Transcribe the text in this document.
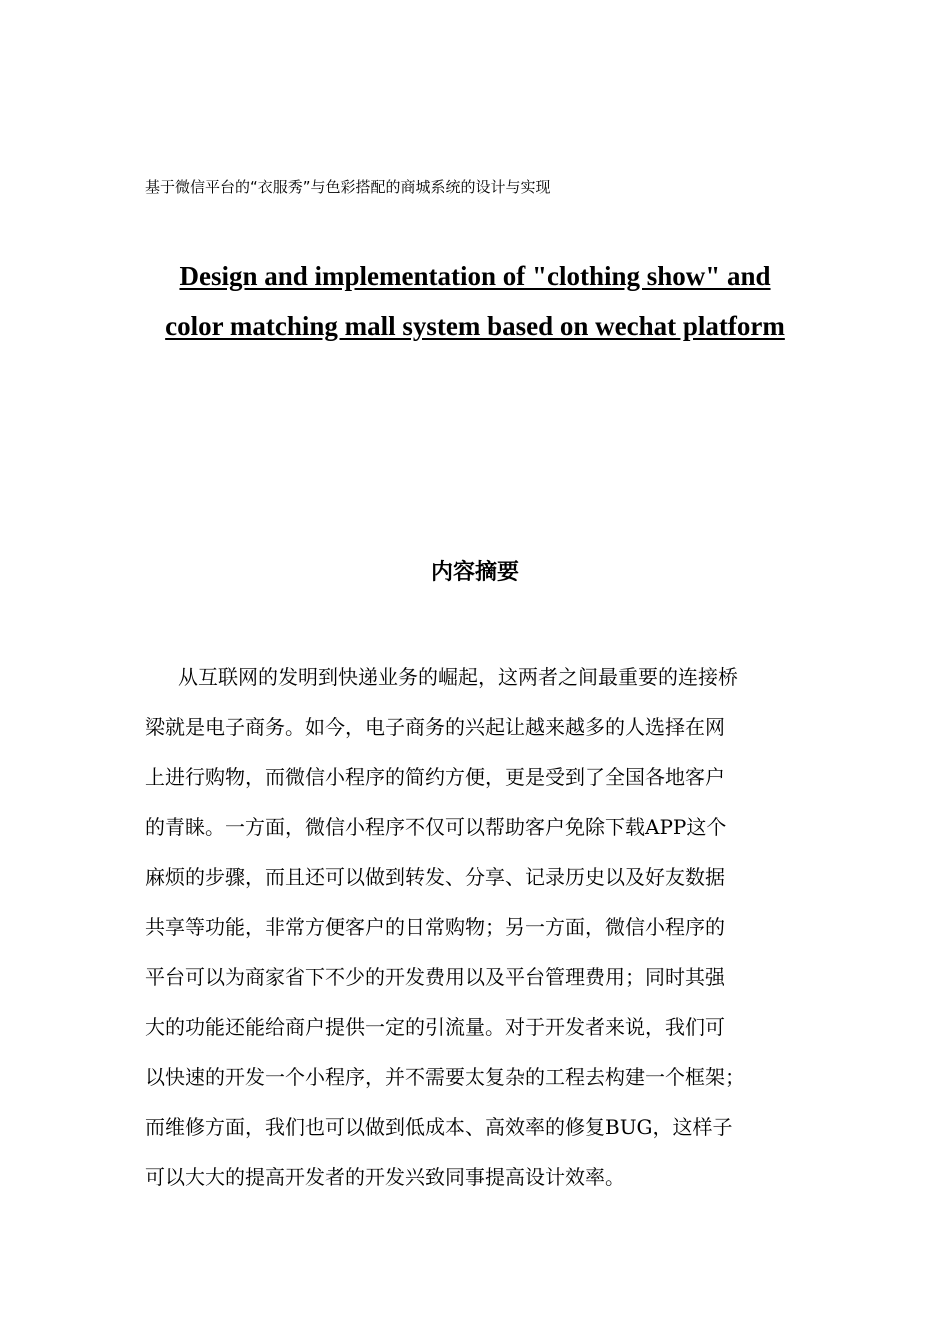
基于微信平台的“衣服秀”与色彩搭配的商城系统的设计与实现
Design and implementation of "clothing show" and
color matching mall system based on wechat platform
内容摘要
从互联网的发明到快递业务的崛起，这两者之间最重要的连接桥
梁就是电子商务。如今，电子商务的兴起让越来越多的人选择在网
上进行购物，而微信小程序的简约方便，更是受到了全国各地客户
的青睐。一方面，微信小程序不仅可以帮助客户免除下载APP这个
麻烦的步骤，而且还可以做到转发、分享、记录历史以及好友数据
共享等功能，非常方便客户的日常购物；另一方面，微信小程序的
平台可以为商家省下不少的开发费用以及平台管理费用；同时其强
大的功能还能给商户提供一定的引流量。对于开发者来说，我们可
以快速的开发一个小程序，并不需要太复杂的工程去构建一个框架；
而维修方面，我们也可以做到低成本、高效率的修复BUG，这样子
可以大大的提高开发者的开发兴致同事提高设计效率。
